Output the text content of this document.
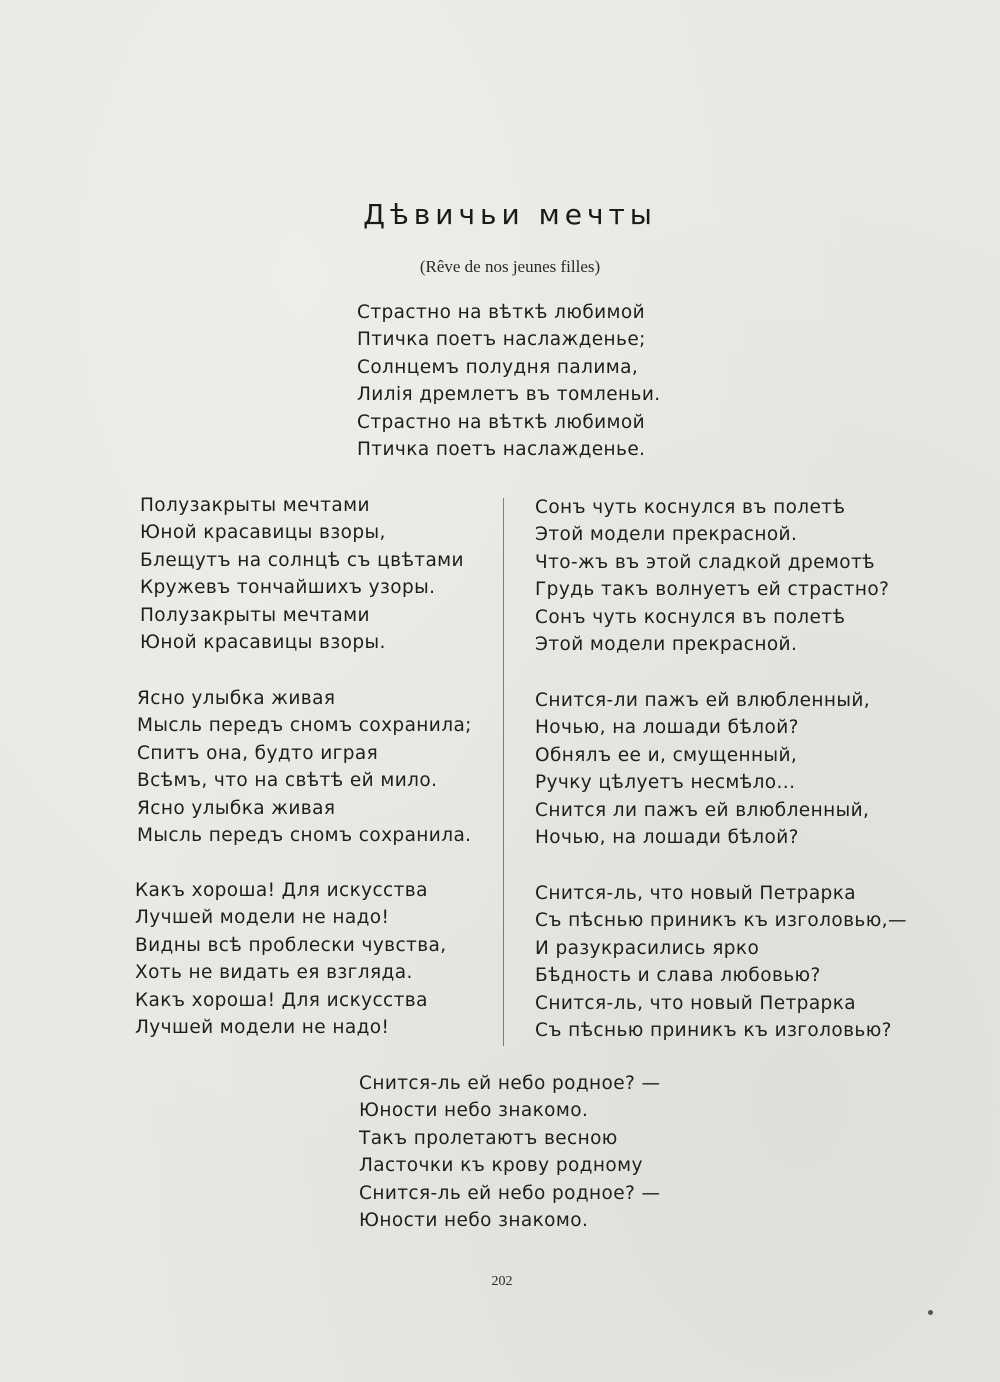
Дѣвичьи мечты
(Rêve de nos jeunes filles)
Страстно на вѣткѣ любимой
Птичка поетъ наслажденье;
Солнцемъ полудня палима,
Лилія дремлетъ въ томленьи.
Страстно на вѣткѣ любимой
Птичка поетъ наслажденье.
Полузакрыты мечтами
Юной красавицы взоры,
Блещутъ на солнцѣ съ цвѣтами
Кружевъ тончайшихъ узоры.
Полузакрыты мечтами
Юной красавицы взоры.
Ясно улыбка живая
Мысль передъ сномъ сохранила;
Спитъ она, будто играя
Всѣмъ, что на свѣтѣ ей мило.
Ясно улыбка живая
Мысль передъ сномъ сохранила.
Какъ хороша! Для искусства
Лучшей модели не надо!
Видны всѣ проблески чувства,
Хоть не видать ея взгляда.
Какъ хороша! Для искусства
Лучшей модели не надо!
Сонъ чуть коснулся въ полетѣ
Этой модели прекрасной.
Что-жъ въ этой сладкой дремотѣ
Грудь такъ волнуетъ ей страстно?
Сонъ чуть коснулся въ полетѣ
Этой модели прекрасной.
Снится-ли пажъ ей влюбленный,
Ночью, на лошади бѣлой?
Обнялъ ее и, смущенный,
Ручку цѣлуетъ несмѣло...
Снится ли пажъ ей влюбленный,
Ночью, на лошади бѣлой?
Снится-ль, что новый Петрарка
Съ пѣснью приникъ къ изголовью,—
И разукрасились ярко
Бѣдность и слава любовью?
Снится-ль, что новый Петрарка
Съ пѣснью приникъ къ изголовью?
Снится-ль ей небо родное? —
Юности небо знакомо.
Такъ пролетаютъ весною
Ласточки къ крову родному
Снится-ль ей небо родное? —
Юности небо знакомо.
202
